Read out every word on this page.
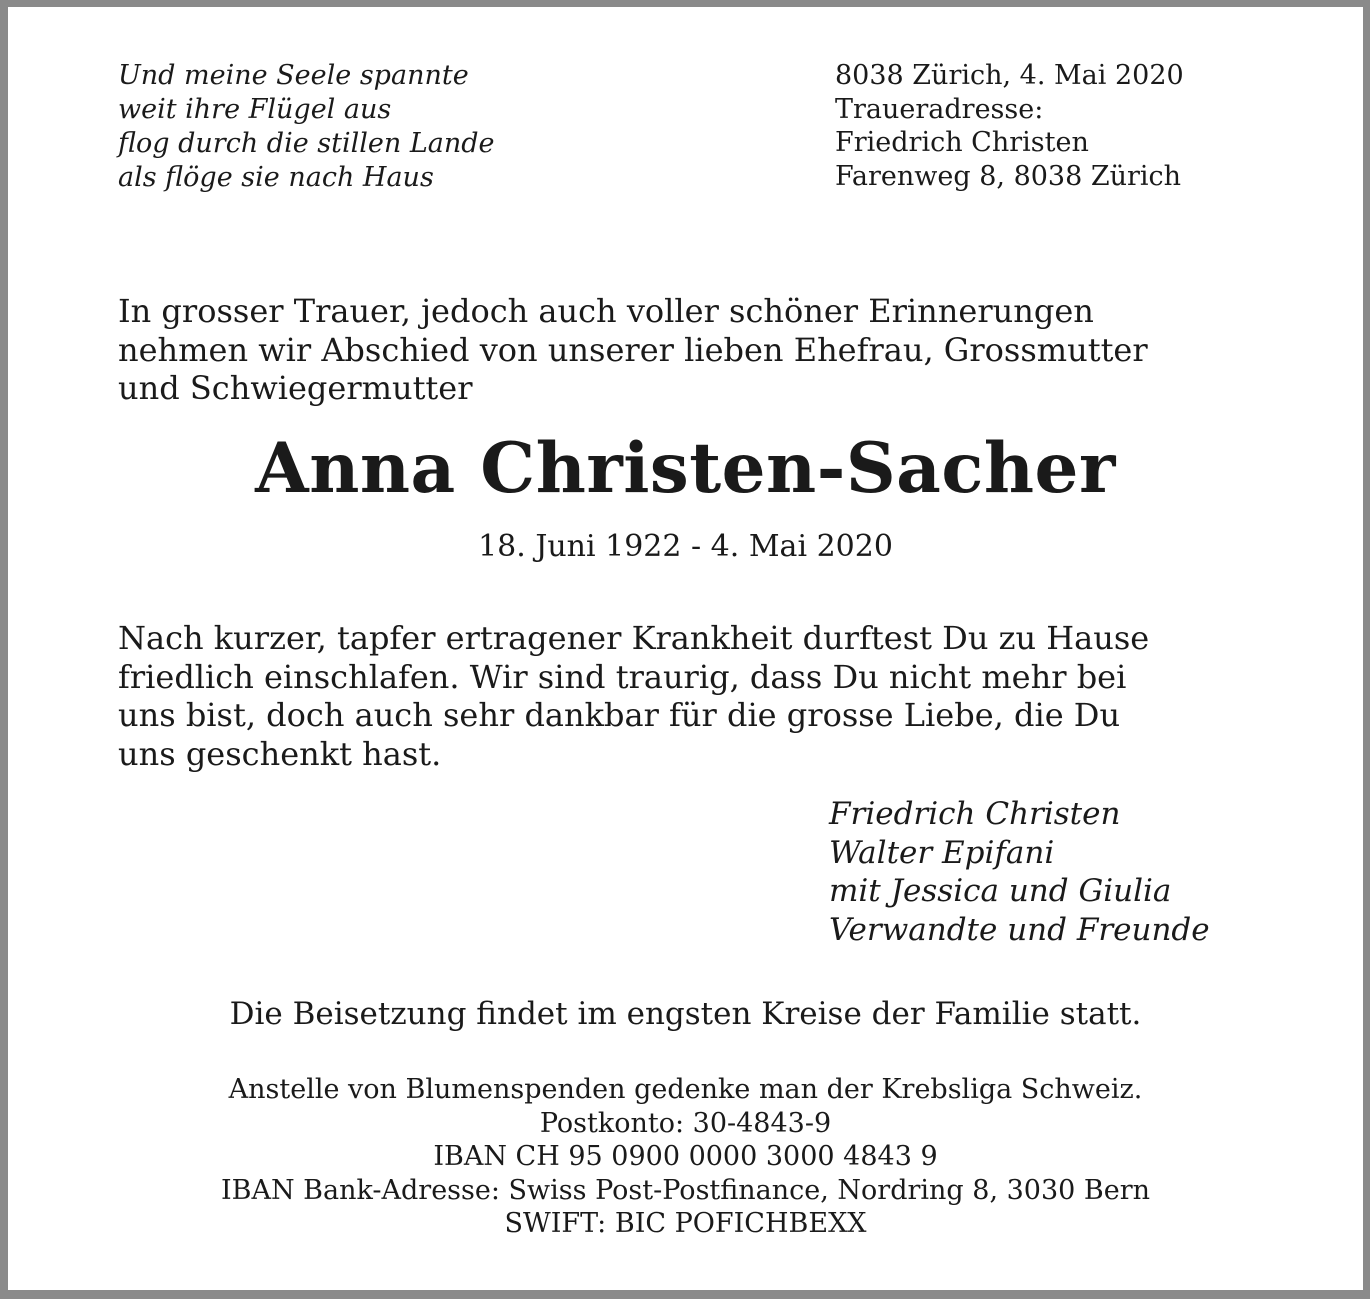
Und meine Seele spannte
weit ihre Flügel aus
flog durch die stillen Lande
als flöge sie nach Haus
8038 Zürich, 4. Mai 2020
Traueradresse:
Friedrich Christen
Farenweg 8, 8038 Zürich
In grosser Trauer, jedoch auch voller schöner Erinnerungen
nehmen wir Abschied von unserer lieben Ehefrau, Grossmutter
und Schwiegermutter
Anna Christen-Sacher
18. Juni 1922 - 4. Mai 2020
Nach kurzer, tapfer ertragener Krankheit durftest Du zu Hause
friedlich einschlafen. Wir sind traurig, dass Du nicht mehr bei
uns bist, doch auch sehr dankbar für die grosse Liebe, die Du
uns geschenkt hast.
Friedrich Christen
Walter Epifani
mit Jessica und Giulia
Verwandte und Freunde
Die Beisetzung findet im engsten Kreise der Familie statt.
Anstelle von Blumenspenden gedenke man der Krebsliga Schweiz.
Postkonto: 30-4843-9
IBAN CH 95 0900 0000 3000 4843 9
IBAN Bank-Adresse: Swiss Post-Postfinance, Nordring 8, 3030 Bern
SWIFT: BIC POFICHBEXX
